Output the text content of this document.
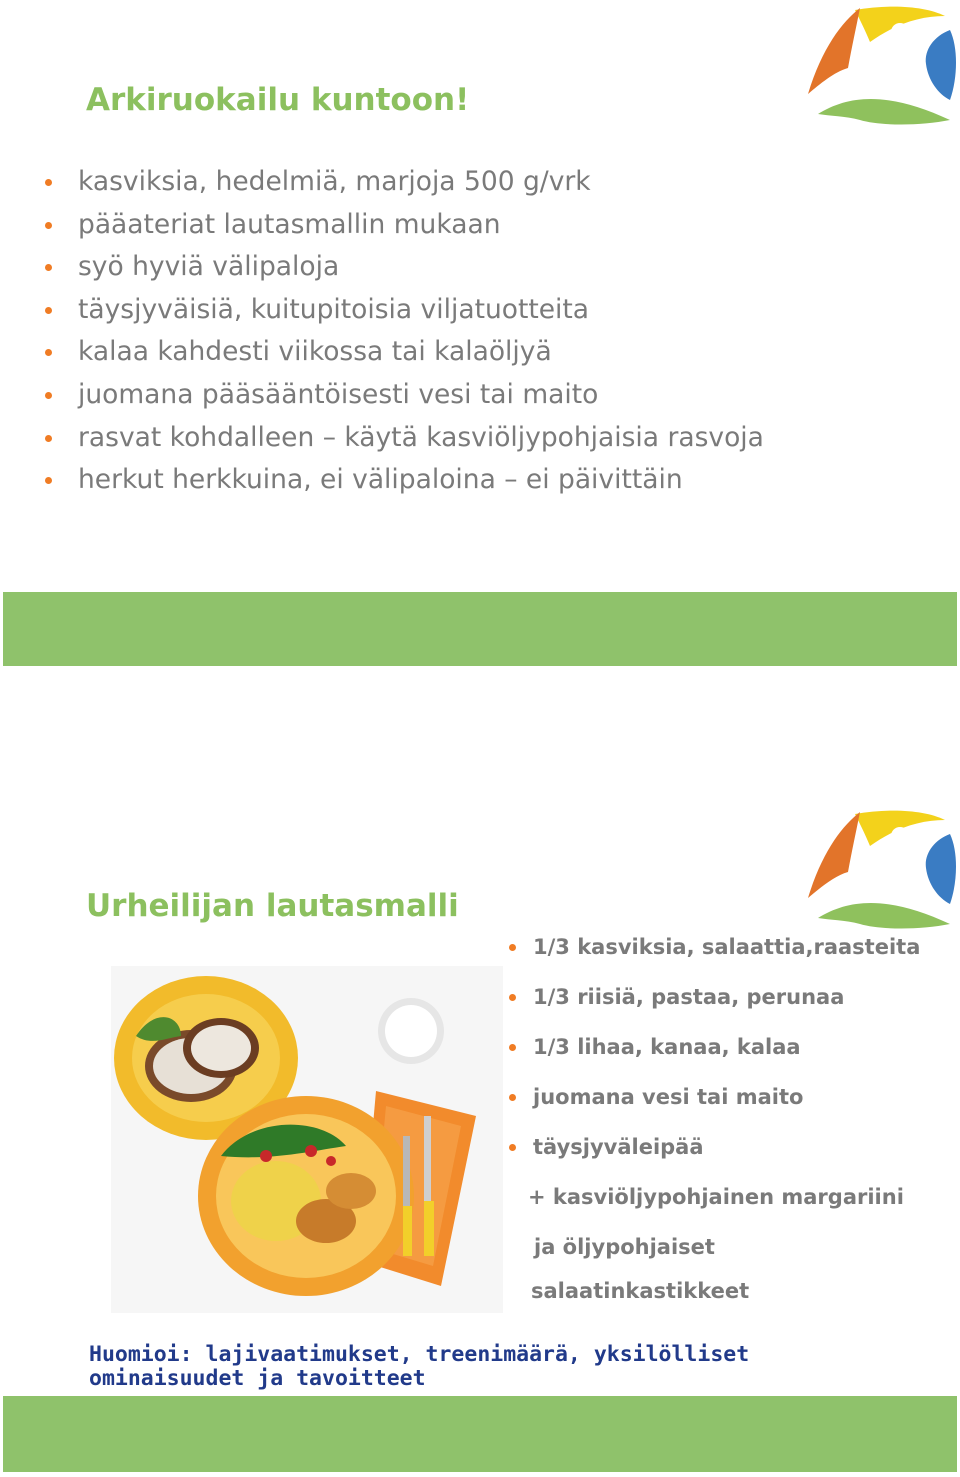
Arkiruokailu kuntoon!
kasviksia, hedelmiä, marjoja 500 g/vrk
pääateriat lautasmallin mukaan
syö hyviä välipaloja
täysjyväisiä, kuitupitoisia viljatuotteita
kalaa kahdesti viikossa tai kalaöljyä
juomana pääsääntöisesti vesi tai maito
rasvat kohdalleen – käytä kasviöljypohjaisia rasvoja
herkut herkkuina, ei välipaloina – ei päivittäin
Urheilijan lautasmalli
1/3 kasviksia, salaattia,raasteita
1/3 riisiä, pastaa, perunaa
1/3 lihaa, kanaa, kalaa
juomana vesi tai maito
täysjyväleipää
+ kasviöljypohjainen margariini
ja öljypohjaiset
salaatinkastikkeet

Huomioi: lajivaatimukset, treenimäärä, yksilölliset ominaisuudet ja tavoitteet
